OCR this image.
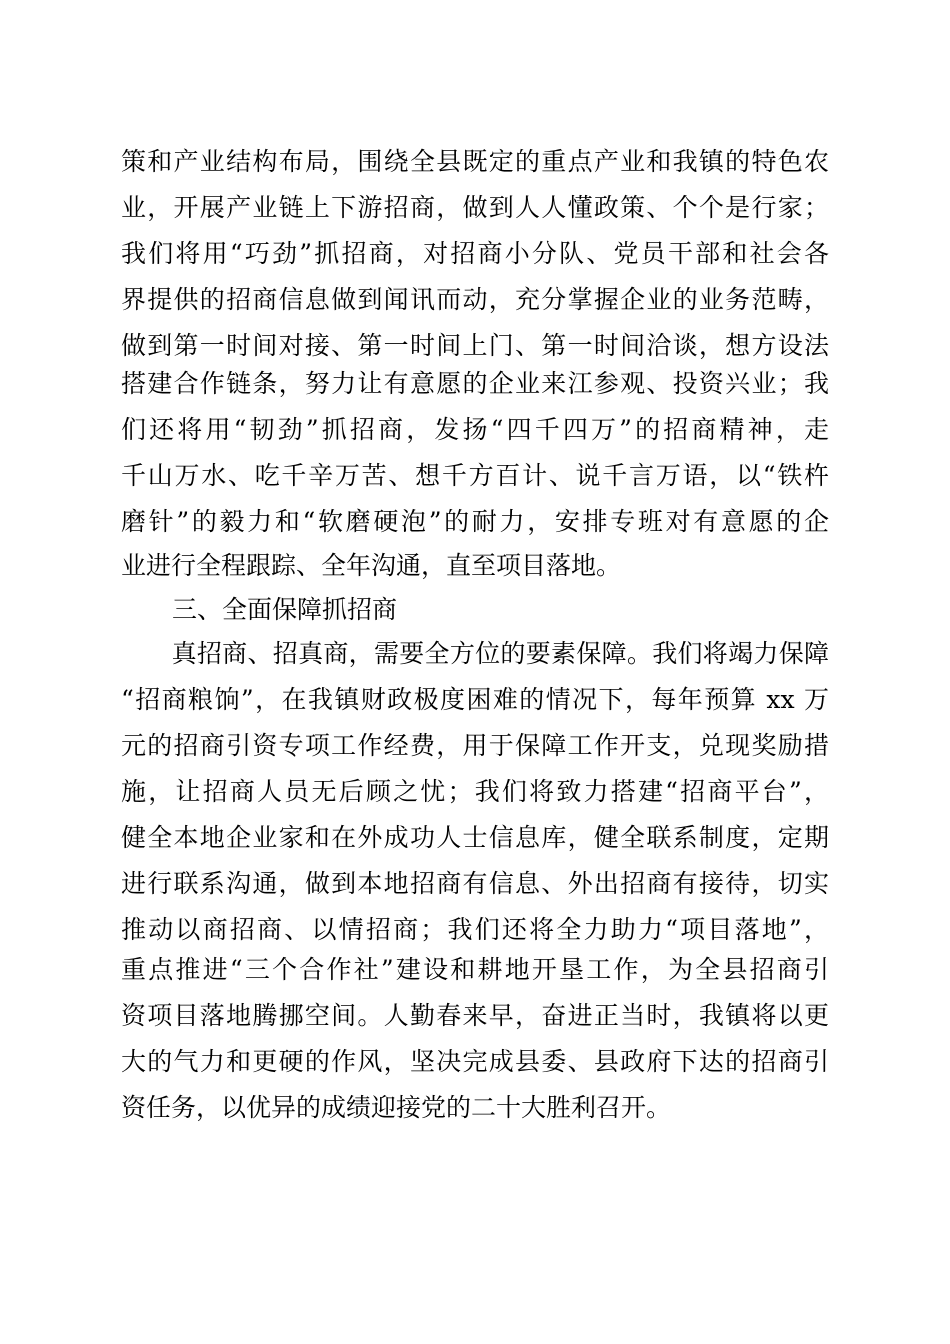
策和产业结构布局，围绕全县既定的重点产业和我镇的特色农
业，开展产业链上下游招商，做到人人懂政策、个个是行家；
我们将用“巧劲”抓招商，对招商小分队、党员干部和社会各
界提供的招商信息做到闻讯而动，充分掌握企业的业务范畴，
做到第一时间对接、第一时间上门、第一时间洽谈，想方设法
搭建合作链条，努力让有意愿的企业来江参观、投资兴业；我
们还将用“韧劲”抓招商，发扬“四千四万”的招商精神，走
千山万水、吃千辛万苦、想千方百计、说千言万语，以“铁杵
磨针”的毅力和“软磨硬泡”的耐力，安排专班对有意愿的企
业进行全程跟踪、全年沟通，直至项目落地。
三、全面保障抓招商
　　真招商、招真商，需要全方位的要素保障。我们将竭力保障
“招商粮饷”，在我镇财政极度困难的情况下，每年预算 xx 万
元的招商引资专项工作经费，用于保障工作开支，兑现奖励措
施，让招商人员无后顾之忧；我们将致力搭建“招商平台”，
健全本地企业家和在外成功人士信息库，健全联系制度，定期
进行联系沟通，做到本地招商有信息、外出招商有接待，切实
推动以商招商、以情招商；我们还将全力助力“项目落地”，
重点推进“三个合作社”建设和耕地开垦工作，为全县招商引
资项目落地腾挪空间。人勤春来早，奋进正当时，我镇将以更
大的气力和更硬的作风，坚决完成县委、县政府下达的招商引
资任务，以优异的成绩迎接党的二十大胜利召开。
